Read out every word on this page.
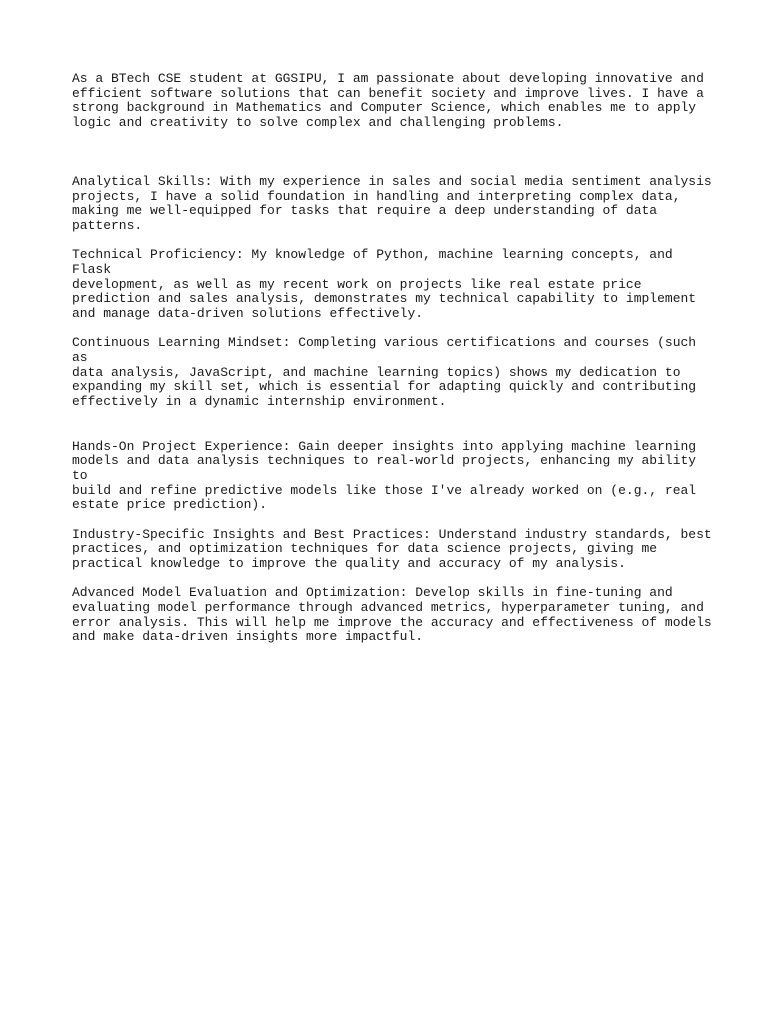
As a BTech CSE student at GGSIPU, I am passionate about developing innovative and
efficient software solutions that can benefit society and improve lives. I have a
strong background in Mathematics and Computer Science, which enables me to apply
logic and creativity to solve complex and challenging problems.

Analytical Skills: With my experience in sales and social media sentiment analysis
projects, I have a solid foundation in handling and interpreting complex data,
making me well-equipped for tasks that require a deep understanding of data
patterns.

Technical Proficiency: My knowledge of Python, machine learning concepts, and Flask
development, as well as my recent work on projects like real estate price
prediction and sales analysis, demonstrates my technical capability to implement
and manage data-driven solutions effectively.

Continuous Learning Mindset: Completing various certifications and courses (such as
data analysis, JavaScript, and machine learning topics) shows my dedication to
expanding my skill set, which is essential for adapting quickly and contributing
effectively in a dynamic internship environment.

Hands-On Project Experience: Gain deeper insights into applying machine learning
models and data analysis techniques to real-world projects, enhancing my ability to
build and refine predictive models like those I've already worked on (e.g., real
estate price prediction).

Industry-Specific Insights and Best Practices: Understand industry standards, best
practices, and optimization techniques for data science projects, giving me
practical knowledge to improve the quality and accuracy of my analysis.

Advanced Model Evaluation and Optimization: Develop skills in fine-tuning and
evaluating model performance through advanced metrics, hyperparameter tuning, and
error analysis. This will help me improve the accuracy and effectiveness of models
and make data-driven insights more impactful.
